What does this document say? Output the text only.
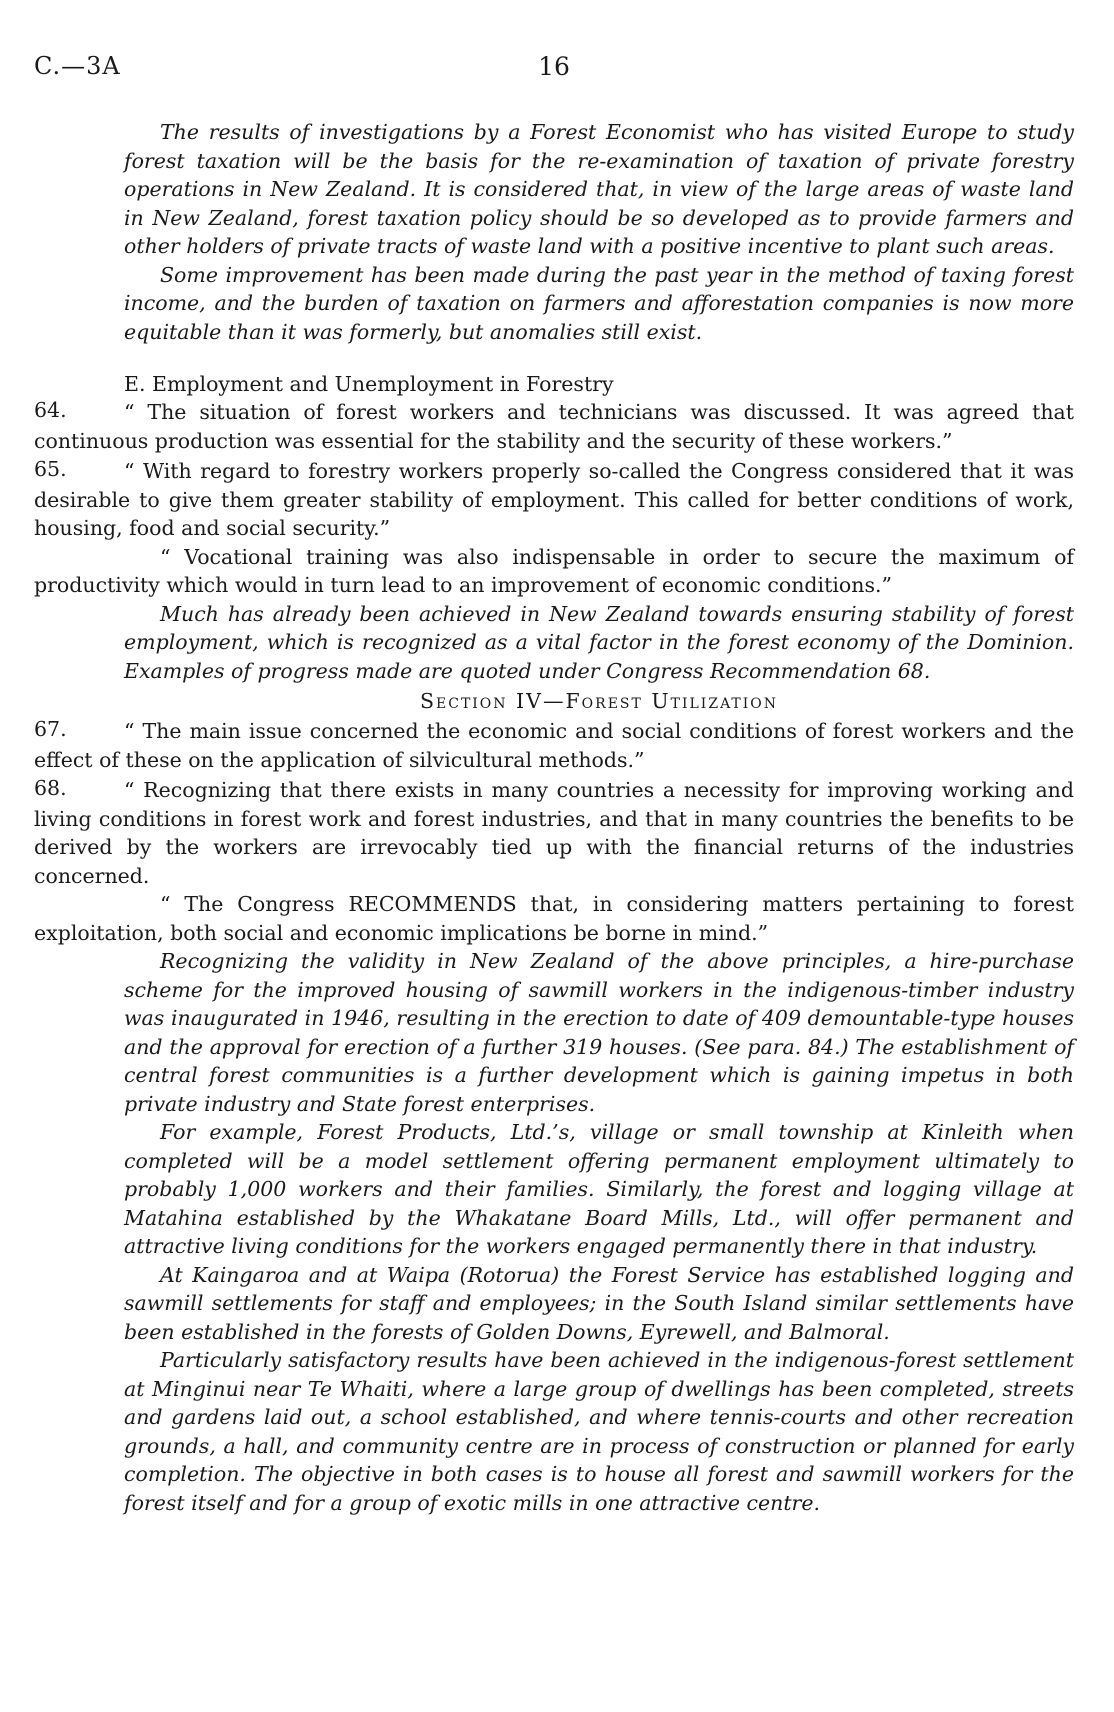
C.—3A	16

The results of investigations by a Forest Economist who has visited Europe to study forest taxation will be the basis for the re-examination of taxation of private forestry operations in New Zealand. It is considered that, in view of the large areas of waste land in New Zealand, forest taxation policy should be so developed as to provide farmers and other holders of private tracts of waste land with a positive incentive to plant such areas.

Some improvement has been made during the past year in the method of taxing forest income, and the burden of taxation on farmers and afforestation companies is now more equitable than it was formerly, but anomalies still exist.

E. Employment and Unemployment in Forestry
64.	“ The situation of forest workers and technicians was discussed. It was agreed that continuous production was essential for the stability and the security of these workers.”

65.	“ With regard to forestry workers properly so-called the Congress considered that it was desirable to give them greater stability of employment. This called for better conditions of work, housing, food and social security.”

“ Vocational training was also indispensable in order to secure the maximum of productivity which would in turn lead to an improvement of economic conditions.”

Much has already been achieved in New Zealand towards ensuring stability of forest employment, which is recognized as a vital factor in the forest economy of the Dominion. Examples of progress made are quoted under Congress Recommendation 68.

Section IV—Forest Utilization
67.	“ The main issue concerned the economic and social conditions of forest workers and the effect of these on the application of silvicultural methods.”

68.	“ Recognizing that there exists in many countries a necessity for improving working and living conditions in forest work and forest industries, and that in many countries the benefits to be derived by the workers are irrevocably tied up with the financial returns of the industries concerned.

“ The Congress RECOMMENDS that, in considering matters pertaining to forest exploitation, both social and economic implications be borne in mind.”

Recognizing the validity in New Zealand of the above principles, a hire-purchase scheme for the improved housing of sawmill workers in the indigenous-timber industry was inaugurated in 1946, resulting in the erection to date of 409 demountable-type houses and the approval for erection of a further 319 houses. (See para. 84.) The establishment of central forest communities is a further development which is gaining impetus in both private industry and State forest enterprises.

For example, Forest Products, Ltd.’s, village or small township at Kinleith when completed will be a model settlement offering permanent employment ultimately to probably 1,000 workers and their families. Similarly, the forest and logging village at Matahina established by the Whakatane Board Mills, Ltd., will offer permanent and attractive living conditions for the workers engaged permanently there in that industry.

At Kaingaroa and at Waipa (Rotorua) the Forest Service has established logging and sawmill settlements for staff and employees; in the South Island similar settlements have been established in the forests of Golden Downs, Eyrewell, and Balmoral.

Particularly satisfactory results have been achieved in the indigenous-forest settlement at Minginui near Te Whaiti, where a large group of dwellings has been completed, streets and gardens laid out, a school established, and where tennis-courts and other recreation grounds, a hall, and community centre are in process of construction or planned for early completion. The objective in both cases is to house all forest and sawmill workers for the forest itself and for a group of exotic mills in one attractive centre.
